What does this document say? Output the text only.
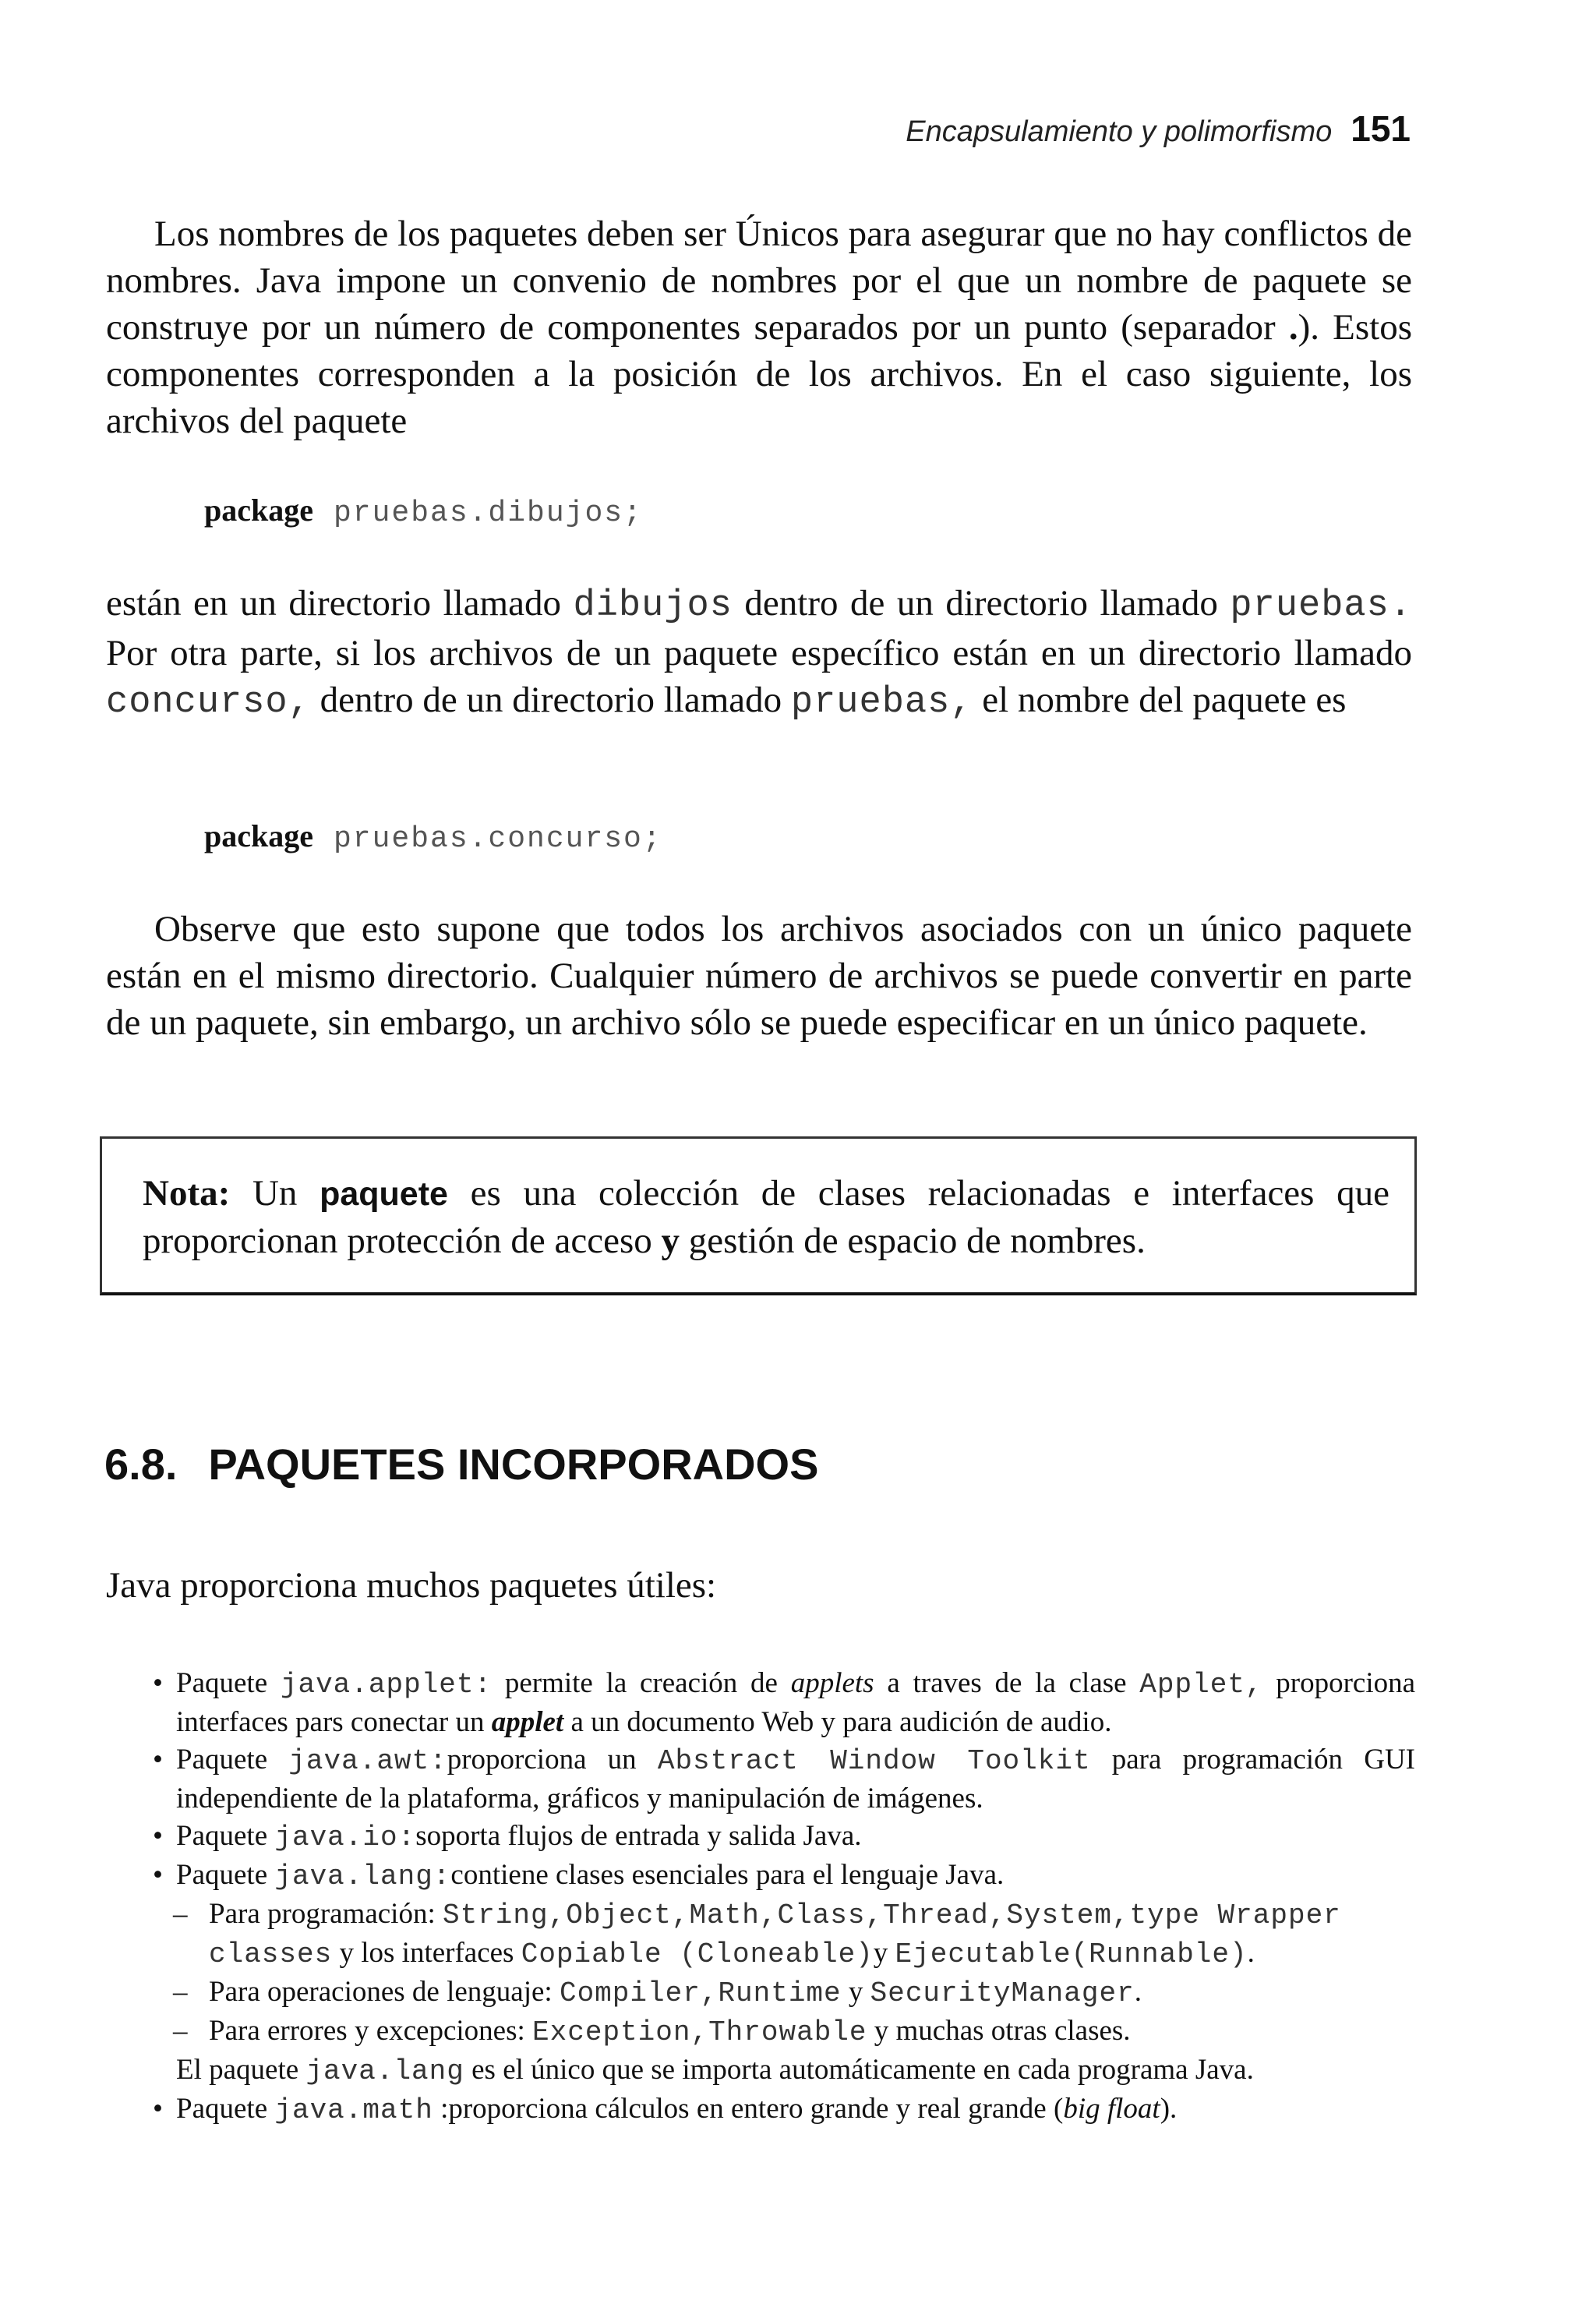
Encapsulamiento y polimorfismo 151

Los nombres de los paquetes deben ser Únicos para asegurar que no hay conflictos de nombres. Java impone un convenio de nombres por el que un nombre de paquete se construye por un número de componentes separados por un punto (separador .). Estos componentes corresponden a la posición de los archivos. En el caso siguiente, los archivos del paquete

package pruebas.dibujos;

están en un directorio llamado dibujos dentro de un directorio llamado pruebas. Por otra parte, si los archivos de un paquete específico están en un directorio llamado concurso, dentro de un directorio llamado pruebas, el nombre del paquete es

package pruebas.concurso;

Observe que esto supone que todos los archivos asociados con un único paquete están en el mismo directorio. Cualquier número de archivos se puede convertir en parte de un paquete, sin embargo, un archivo sólo se puede especificar en un único paquete.

Nota: Un paquete es una colección de clases relacionadas e interfaces que proporcionan protección de acceso y gestión de espacio de nombres.
6.8. PAQUETES INCORPORADOS

Java proporciona muchos paquetes útiles:

• Paquete java.applet: permite la creación de applets a traves de la clase Applet, proporciona interfaces pars conectar un applet a un documento Web y para audición de audio.
• Paquete java.awt:proporciona un Abstract Window Toolkit para programación GUI independiente de la plataforma, gráficos y manipulación de imágenes.
• Paquete java.io:soporta flujos de entrada y salida Java.
• Paquete java.lang:contiene clases esenciales para el lenguaje Java.
– Para programación: String,Object,Math,Class,Thread,System,type Wrapper classes y los interfaces Copiable (Cloneable)y Ejecutable(Runnable).
– Para operaciones de lenguaje: Compiler,Runtime y SecurityManager.
– Para errores y excepciones: Exception,Throwable y muchas otras clases.
El paquete java.lang es el único que se importa automáticamente en cada programa Java.
• Paquete java.math :proporciona cálculos en entero grande y real grande (big float).
